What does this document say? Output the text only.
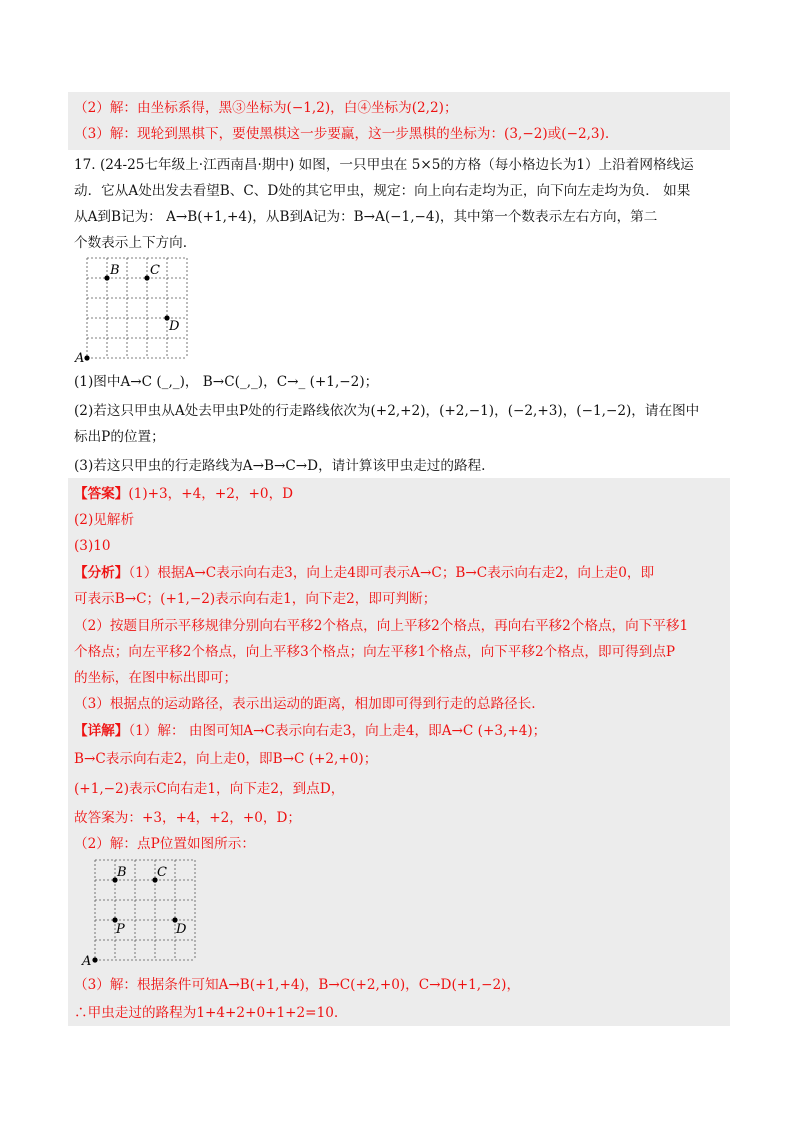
（2）解：由坐标系得，黑③坐标为(−1,2)，白④坐标为(2,2)；
（3）解：现轮到黑棋下，要使黑棋这一步要赢，这一步黑棋的坐标为：(3,−2)或(−2,3).
17. (24-25七年级上·江西南昌·期中) 如图，一只甲虫在 5×5的方格（每小格边长为1）上沿着网格线运
动．它从A处出发去看望B、C、D处的其它甲虫，规定：向上向右走均为正，向下向左走均为负． 如果
从A到B记为： A→B(+1,+4)，从B到A记为：B→A(−1,−4)，其中第一个数表示左右方向，第二
个数表示上下方向.
A
B C
D
(1)图中A→C (_,_)， B→C(_,_)，C→_ (+1,−2)；
(2)若这只甲虫从A处去甲虫P处的行走路线依次为(+2,+2)，(+2,−1)，(−2,+3)，(−1,−2)，请在图中
标出P的位置；
(3)若这只甲虫的行走路线为A→B→C→D，请计算该甲虫走过的路程.
【答案】(1)+3，+4，+2，+0，D
(2)见解析
(3)10
【分析】（1）根据A→C表示向右走3，向上走4即可表示A→C；B→C表示向右走2，向上走0，即
可表示B→C；(+1,−2)表示向右走1，向下走2，即可判断；
（2）按题目所示平移规律分别向右平移2个格点，向上平移2个格点，再向右平移2个格点，向下平移1
个格点；向左平移2个格点，向上平移3个格点；向左平移1个格点，向下平移2个格点，即可得到点P
的坐标，在图中标出即可；
（3）根据点的运动路径，表示出运动的距离，相加即可得到行走的总路径长.
【详解】（1）解： 由图可知A→C表示向右走3，向上走4，即A→C (+3,+4)；
B→C表示向右走2，向上走0，即B→C (+2,+0)；
(+1,−2)表示C向右走1，向下走2，到点D，
故答案为：+3，+4，+2，+0，D；
（2）解：点P位置如图所示：
A
B C
P	D
（3）解：根据条件可知A→B(+1,+4)，B→C(+2,+0)，C→D(+1,−2)，
∴甲虫走过的路程为1+4+2+0+1+2=10.
